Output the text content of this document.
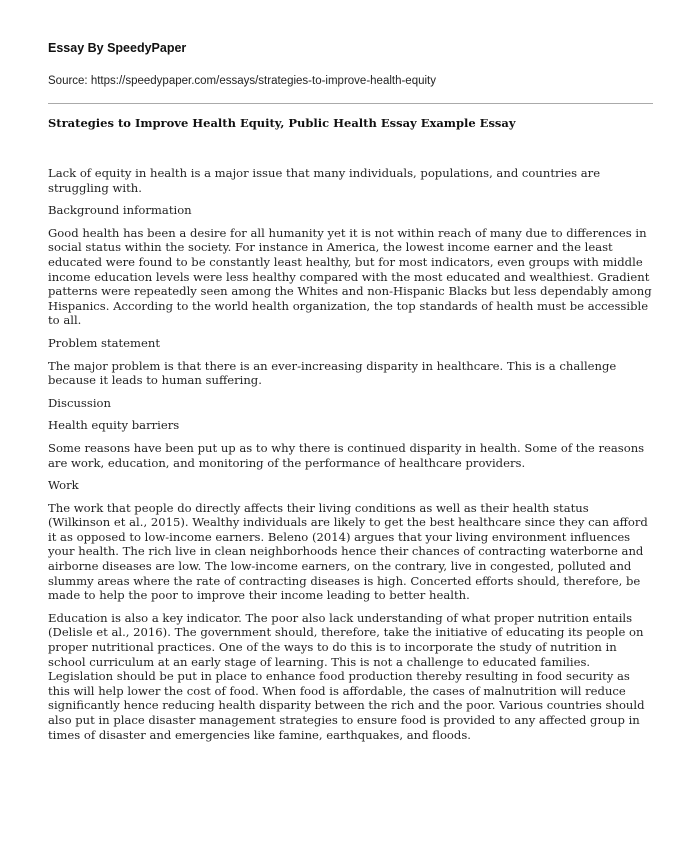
Essay By SpeedyPaper

Source: https://speedypaper.com/essays/strategies-to-improve-health-equity

Strategies to Improve Health Equity, Public Health Essay Example Essay

Lack of equity in health is a major issue that many individuals, populations, and countries are struggling with.

Background information

Good health has been a desire for all humanity yet it is not within reach of many due to differences in social status within the society. For instance in America, the lowest income earner and the least educated were found to be constantly least healthy, but for most indicators, even groups with middle income education levels were less healthy compared with the most educated and wealthiest. Gradient patterns were repeatedly seen among the Whites and non-Hispanic Blacks but less dependably among Hispanics. According to the world health organization, the top standards of health must be accessible to all.

Problem statement

The major problem is that there is an ever-increasing disparity in healthcare. This is a challenge because it leads to human suffering.

Discussion

Health equity barriers

Some reasons have been put up as to why there is continued disparity in health. Some of the reasons are work, education, and monitoring of the performance of healthcare providers.

Work

The work that people do directly affects their living conditions as well as their health status (Wilkinson et al., 2015). Wealthy individuals are likely to get the best healthcare since they can afford it as opposed to low-income earners. Beleno (2014) argues that your living environment influences your health. The rich live in clean neighborhoods hence their chances of contracting waterborne and airborne diseases are low. The low-income earners, on the contrary, live in congested, polluted and slummy areas where the rate of contracting diseases is high. Concerted efforts should, therefore, be made to help the poor to improve their income leading to better health.

Education is also a key indicator. The poor also lack understanding of what proper nutrition entails (Delisle et al., 2016). The government should, therefore, take the initiative of educating its people on proper nutritional practices. One of the ways to do this is to incorporate the study of nutrition in school curriculum at an early stage of learning. This is not a challenge to educated families. Legislation should be put in place to enhance food production thereby resulting in food security as this will help lower the cost of food. When food is affordable, the cases of malnutrition will reduce significantly hence reducing health disparity between the rich and the poor. Various countries should also put in place disaster management strategies to ensure food is provided to any affected group in times of disaster and emergencies like famine, earthquakes, and floods.
